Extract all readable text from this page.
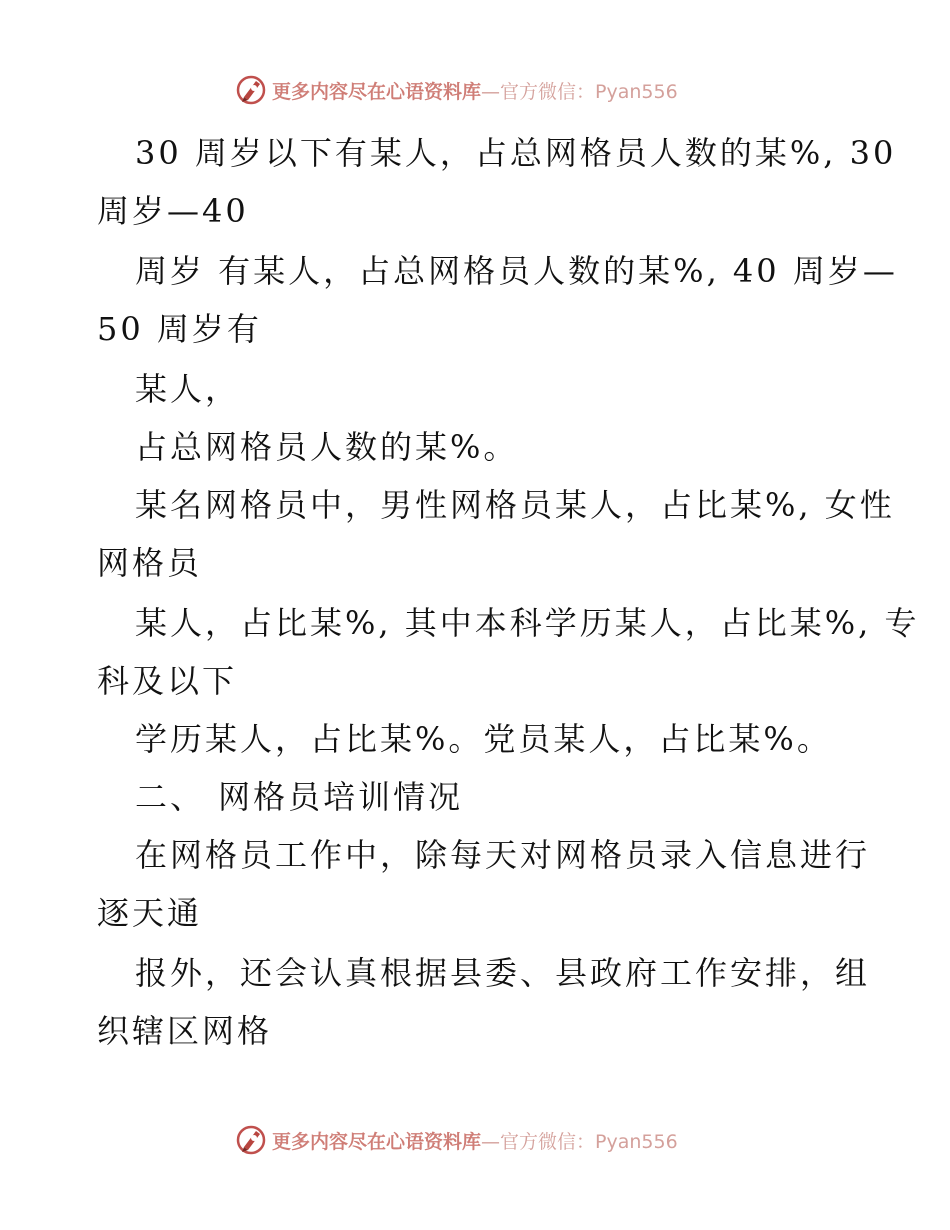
更多内容尽在心语资料库—官方微信：Pyan556
30 周岁以下有某人，占总网格员人数的某%, 30
周岁—40
周岁 有某人，占总网格员人数的某%, 40 周岁—
50 周岁有
某人，
占总网格员人数的某%。
某名网格员中，男性网格员某人，占比某%, 女性
网格员
某人，占比某%, 其中本科学历某人，占比某%, 专
科及以下
学历某人，占比某%。党员某人，占比某%。
二、 网格员培训情况
在网格员工作中，除每天对网格员录入信息进行
逐天通
报外，还会认真根据县委、县政府工作安排，组
织辖区网格
更多内容尽在心语资料库—官方微信：Pyan556
